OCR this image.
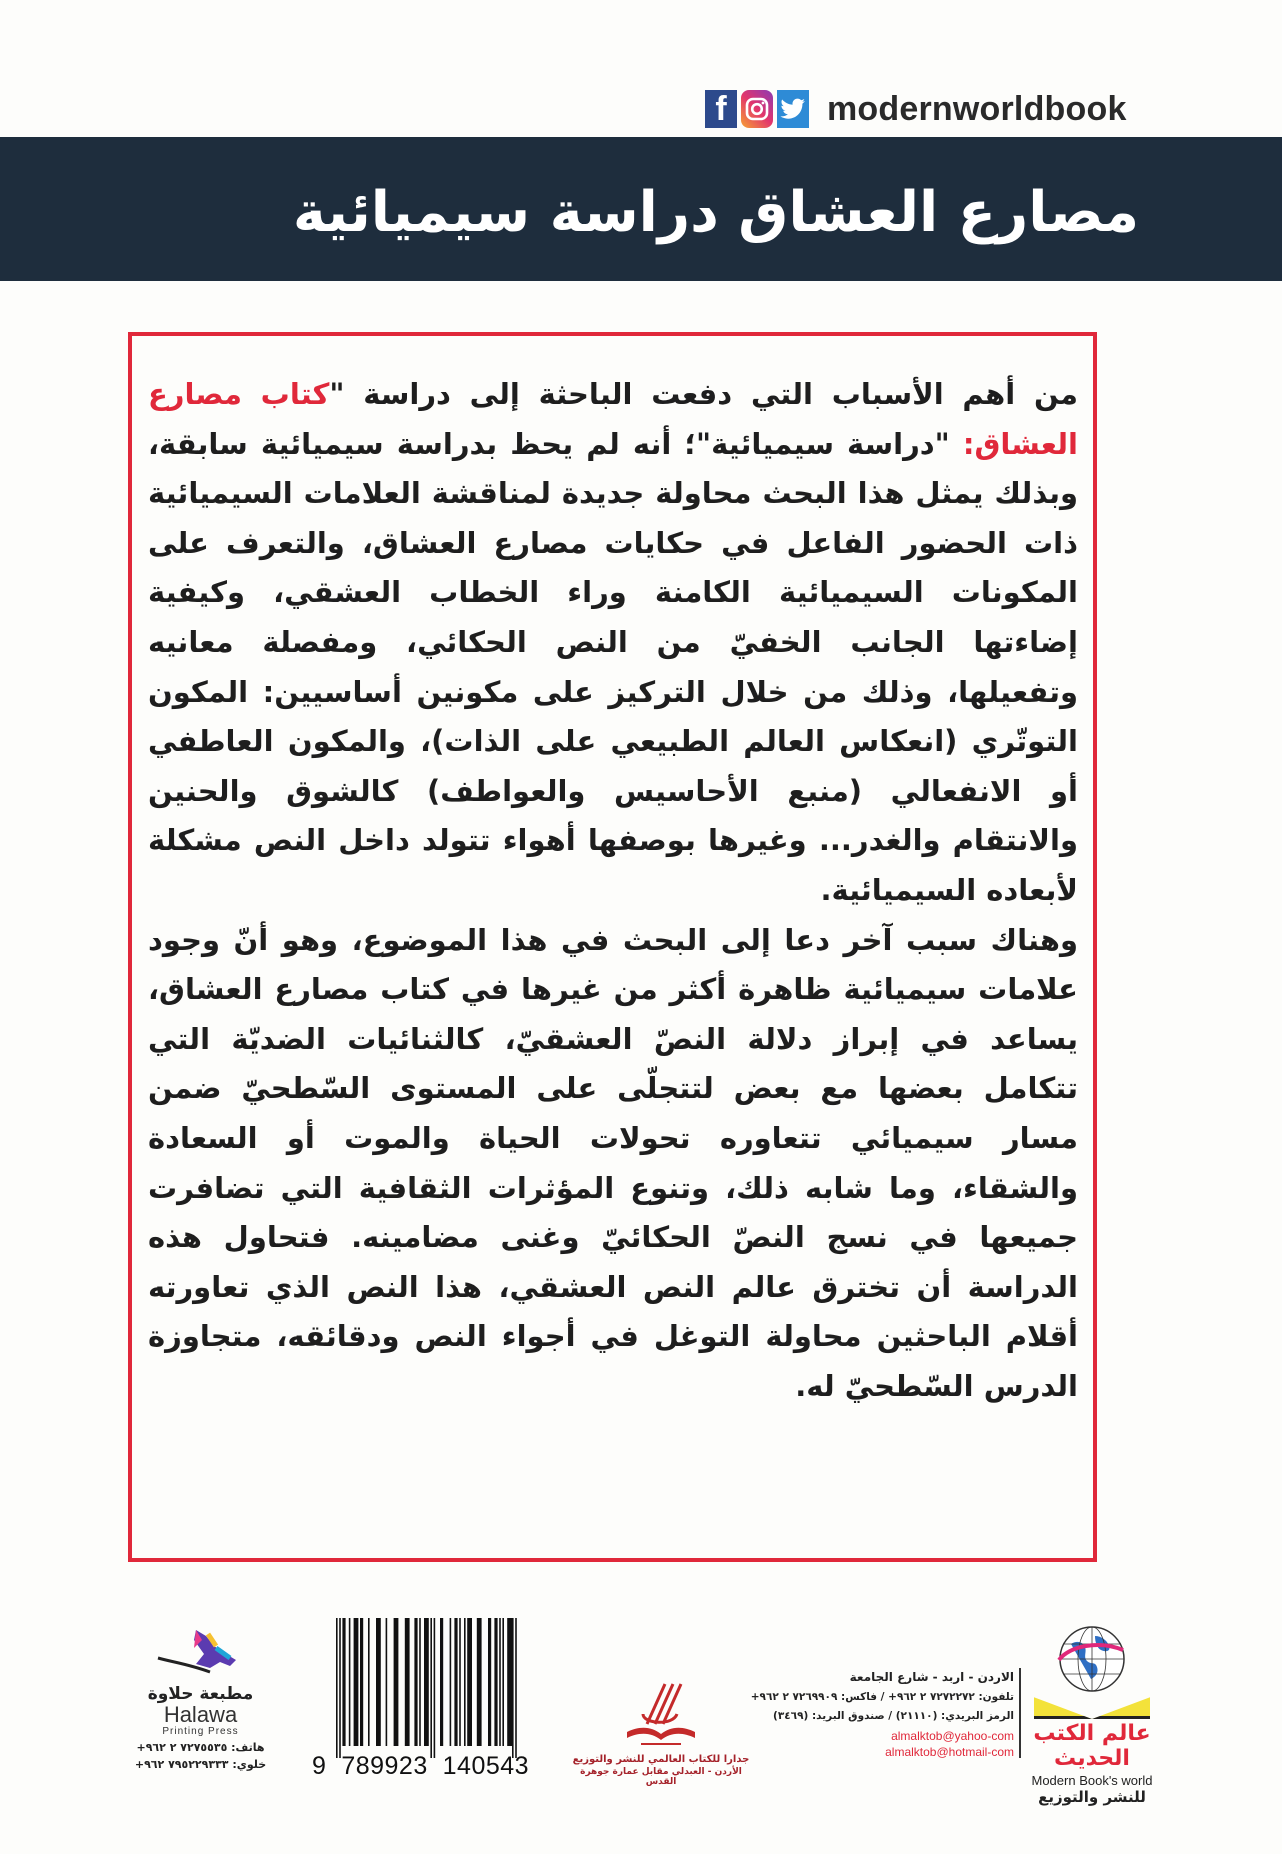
f	modernworldbook
مصارع العشاق دراسة سيميائية

من أهم الأسباب التي دفعت الباحثة إلى دراسة "كتاب مصارع العشاق: "دراسة سيميائية"؛ أنه لم يحظ بدراسة سيميائية سابقة، وبذلك يمثل هذا البحث محاولة جديدة لمناقشة العلامات السيميائية ذات الحضور الفاعل في حكايات مصارع العشاق، والتعرف على المكونات السيميائية الكامنة وراء الخطاب العشقي، وكيفية إضاءتها الجانب الخفيّ من النص الحكائي، ومفصلة معانيه وتفعيلها، وذلك من خلال التركيز على مكونين أساسيين: المكون التوتّري (انعكاس العالم الطبيعي على الذات)، والمكون العاطفي أو الانفعالي (منبع الأحاسيس والعواطف) كالشوق والحنين والانتقام والغدر... وغيرها بوصفها أهواء تتولد داخل النص مشكلة لأبعاده السيميائية.

وهناك سبب آخر دعا إلى البحث في هذا الموضوع، وهو أنّ وجود علامات سيميائية ظاهرة أكثر من غيرها في كتاب مصارع العشاق، يساعد في إبراز دلالة النصّ العشقيّ، كالثنائيات الضديّة التي تتكامل بعضها مع بعض لتتجلّى على المستوى السّطحيّ ضمن مسار سيميائي تتعاوره تحولات الحياة والموت أو السعادة والشقاء، وما شابه ذلك، وتنوع المؤثرات الثقافية التي تضافرت جميعها في نسج النصّ الحكائيّ وغنى مضامينه. فتحاول هذه الدراسة أن تخترق عالم النص العشقي، هذا النص الذي تعاورته أقلام الباحثين محاولة التوغل في أجواء النص ودقائقه، متجاوزة الدرس السّطحيّ له.

عالم الكتب الحديث
Modern Book's world
للنشر والتوزيع
الاردن - اربد - شارع الجامعة
تلفون: ٧٢٧٢٢٧٢ ٢ ٩٦٢+ / فاكس: ٧٢٦٩٩٠٩ ٢ ٩٦٢+
الرمز البريدي: (٢١١١٠) / صندوق البريد: (٣٤٦٩)
almalktob@yahoo-com
almalktob@hotmail-com
جدارا للكتاب العالمي للنشر والتوزيع
الأردن - العبدلي مقابل عمارة جوهرة القدس
9 789923 140543
مطبعة حلاوة
Halawa
Printing Press
هاتف: ٧٢٧٥٥٣٥ ٢ ٩٦٢+
خلوي: ٧٩٥٢٢٩٣٣٣ ٩٦٢+
